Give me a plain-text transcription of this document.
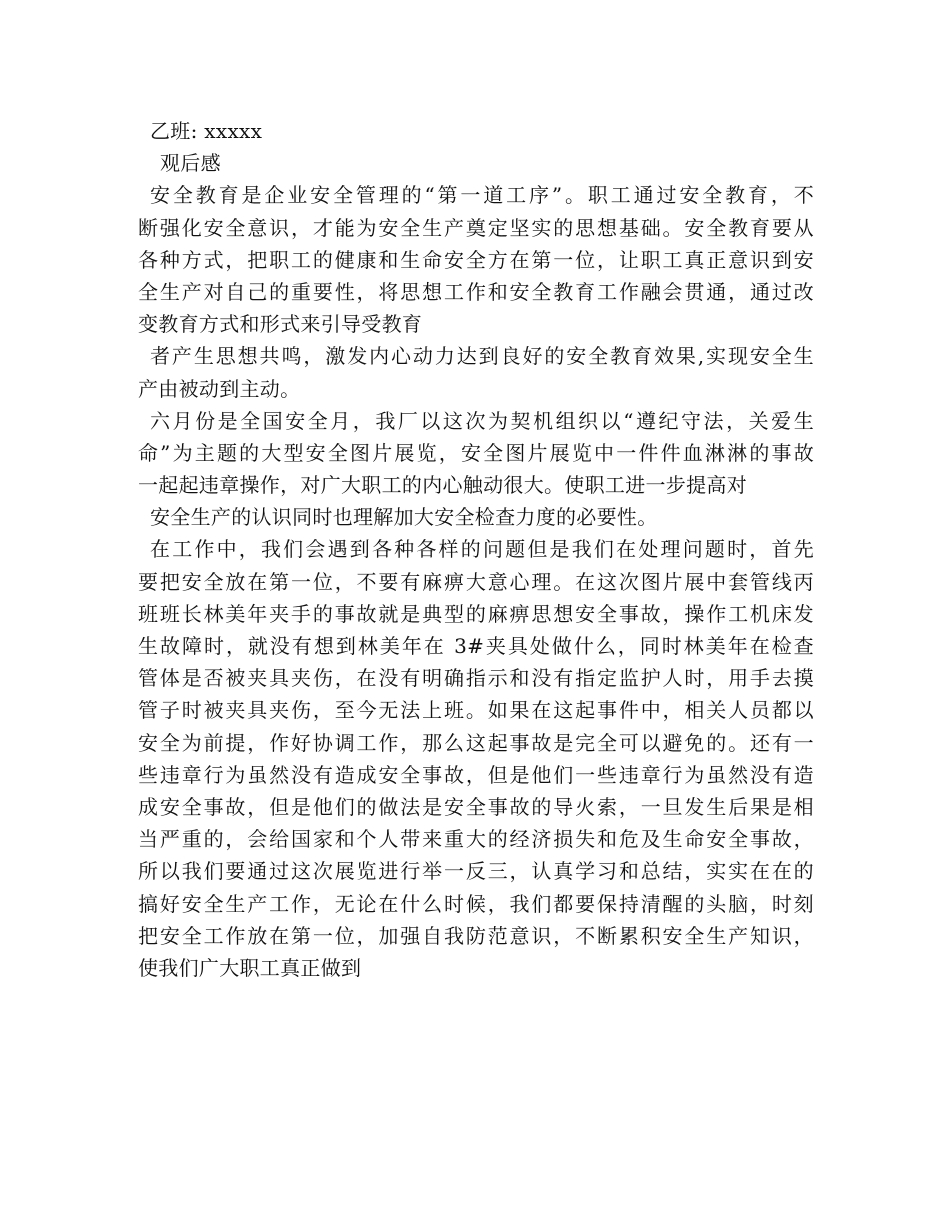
乙班: xxxxx
观后感
安全教育是企业安全管理的“第一道工序”。职工通过安全教育，不
断强化安全意识，才能为安全生产奠定坚实的思想基础。安全教育要从
各种方式，把职工的健康和生命安全方在第一位，让职工真正意识到安
全生产对自己的重要性，将思想工作和安全教育工作融会贯通，通过改
变教育方式和形式来引导受教育
者产生思想共鸣，激发内心动力达到良好的安全教育效果,实现安全生
产由被动到主动。
六月份是全国安全月，我厂以这次为契机组织以“遵纪守法，关爱生
命”为主题的大型安全图片展览，安全图片展览中一件件血淋淋的事故
一起起违章操作，对广大职工的内心触动很大。使职工进一步提高对
安全生产的认识同时也理解加大安全检查力度的必要性。
在工作中，我们会遇到各种各样的问题但是我们在处理问题时，首先
要把安全放在第一位，不要有麻痹大意心理。在这次图片展中套管线丙
班班长林美年夹手的事故就是典型的麻痹思想安全事故，操作工机床发
生故障时，就没有想到林美年在 3#夹具处做什么，同时林美年在检查
管体是否被夹具夹伤，在没有明确指示和没有指定监护人时，用手去摸
管子时被夹具夹伤，至今无法上班。如果在这起事件中，相关人员都以
安全为前提，作好协调工作，那么这起事故是完全可以避免的。还有一
些违章行为虽然没有造成安全事故，但是他们一些违章行为虽然没有造
成安全事故，但是他们的做法是安全事故的导火索，一旦发生后果是相
当严重的，会给国家和个人带来重大的经济损失和危及生命安全事故，
所以我们要通过这次展览进行举一反三，认真学习和总结，实实在在的
搞好安全生产工作，无论在什么时候，我们都要保持清醒的头脑，时刻
把安全工作放在第一位，加强自我防范意识，不断累积安全生产知识，
使我们广大职工真正做到
